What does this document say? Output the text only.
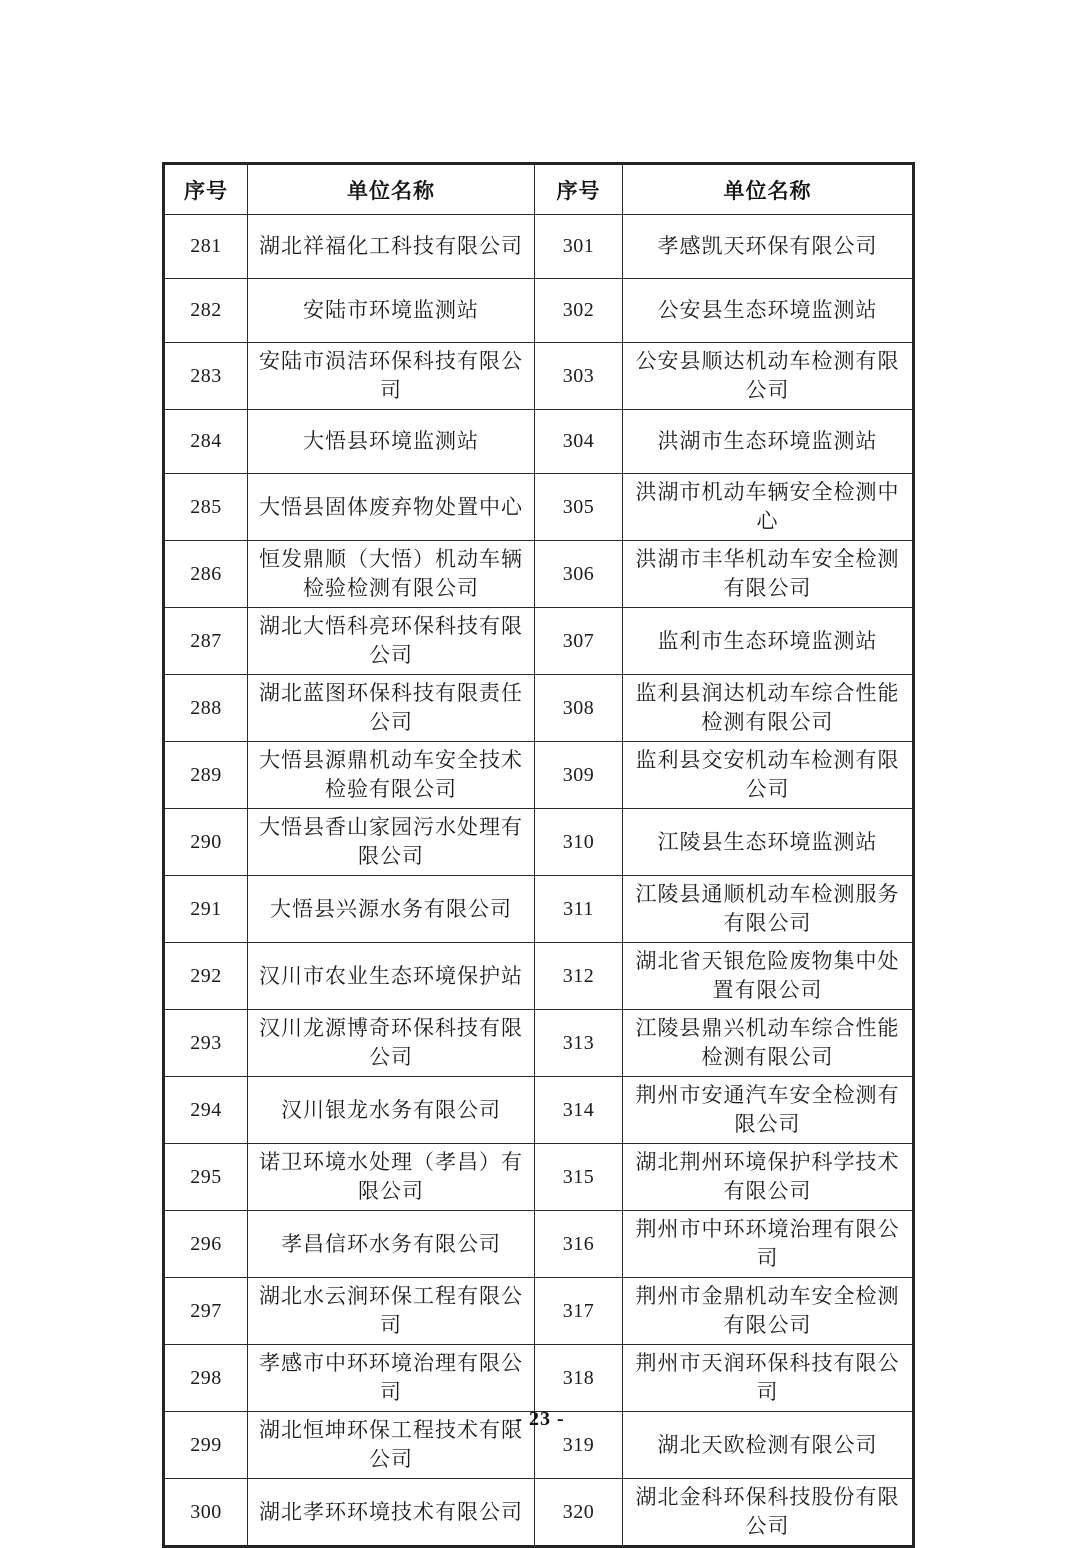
序号	单位名称	序号	单位名称
281	湖北祥福化工科技有限公司	301	孝感凯天环保有限公司
282	安陆市环境监测站	302	公安县生态环境监测站
283	安陆市涢洁环保科技有限公司	303	公安县顺达机动车检测有限公司
284	大悟县环境监测站	304	洪湖市生态环境监测站
285	大悟县固体废弃物处置中心	305	洪湖市机动车辆安全检测中心
286	恒发鼎顺（大悟）机动车辆检验检测有限公司	306	洪湖市丰华机动车安全检测有限公司
287	湖北大悟科亮环保科技有限公司	307	监利市生态环境监测站
288	湖北蓝图环保科技有限责任公司	308	监利县润达机动车综合性能检测有限公司
289	大悟县源鼎机动车安全技术检验有限公司	309	监利县交安机动车检测有限公司
290	大悟县香山家园污水处理有限公司	310	江陵县生态环境监测站
291	大悟县兴源水务有限公司	311	江陵县通顺机动车检测服务有限公司
292	汉川市农业生态环境保护站	312	湖北省天银危险废物集中处置有限公司
293	汉川龙源博奇环保科技有限公司	313	江陵县鼎兴机动车综合性能检测有限公司
294	汉川银龙水务有限公司	314	荆州市安通汽车安全检测有限公司
295	诺卫环境水处理（孝昌）有限公司	315	湖北荆州环境保护科学技术有限公司
296	孝昌信环水务有限公司	316	荆州市中环环境治理有限公司
297	湖北水云涧环保工程有限公司	317	荆州市金鼎机动车安全检测有限公司
298	孝感市中环环境治理有限公司	318	荆州市天润环保科技有限公司
299	湖北恒坤环保工程技术有限公司	319	湖北天欧检测有限公司
300	湖北孝环环境技术有限公司	320	湖北金科环保科技股份有限公司
- 23 -
